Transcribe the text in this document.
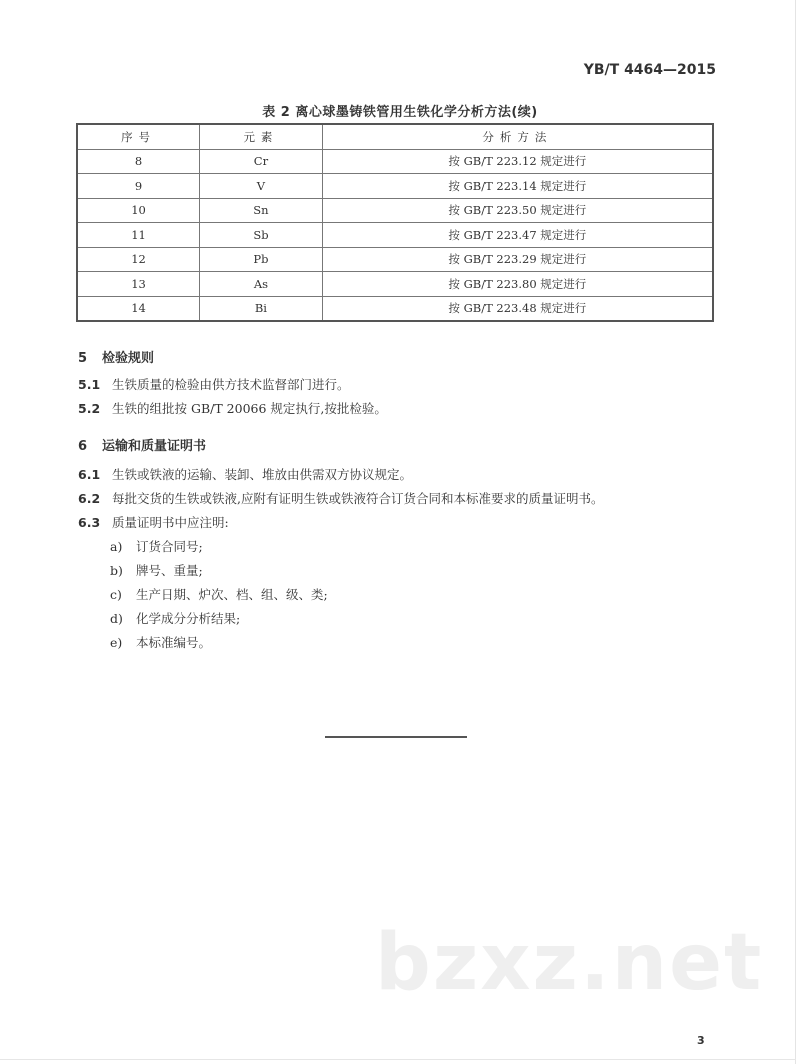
YB/T 4464—2015
表 2 离心球墨铸铁管用生铁化学分析方法(续)
序号	元素	分析方法
8	Cr	按 GB/T 223.12 规定进行
9	V	按 GB/T 223.14 规定进行
10	Sn	按 GB/T 223.50 规定进行
11	Sb	按 GB/T 223.47 规定进行
12	Pb	按 GB/T 223.29 规定进行
13	As	按 GB/T 223.80 规定进行
14	Bi	按 GB/T 223.48 规定进行
5 检验规则
5.1 生铁质量的检验由供方技术监督部门进行。
5.2 生铁的组批按 GB/T 20066 规定执行,按批检验。
6 运输和质量证明书
6.1 生铁或铁液的运输、装卸、堆放由供需双方协议规定。
6.2 每批交货的生铁或铁液,应附有证明生铁或铁液符合订货合同和本标准要求的质量证明书。
6.3 质量证明书中应注明:
a) 订货合同号;
b) 牌号、重量;
c) 生产日期、炉次、档、组、级、类;
d) 化学成分分析结果;
e) 本标准编号。
bzxz.net
3
